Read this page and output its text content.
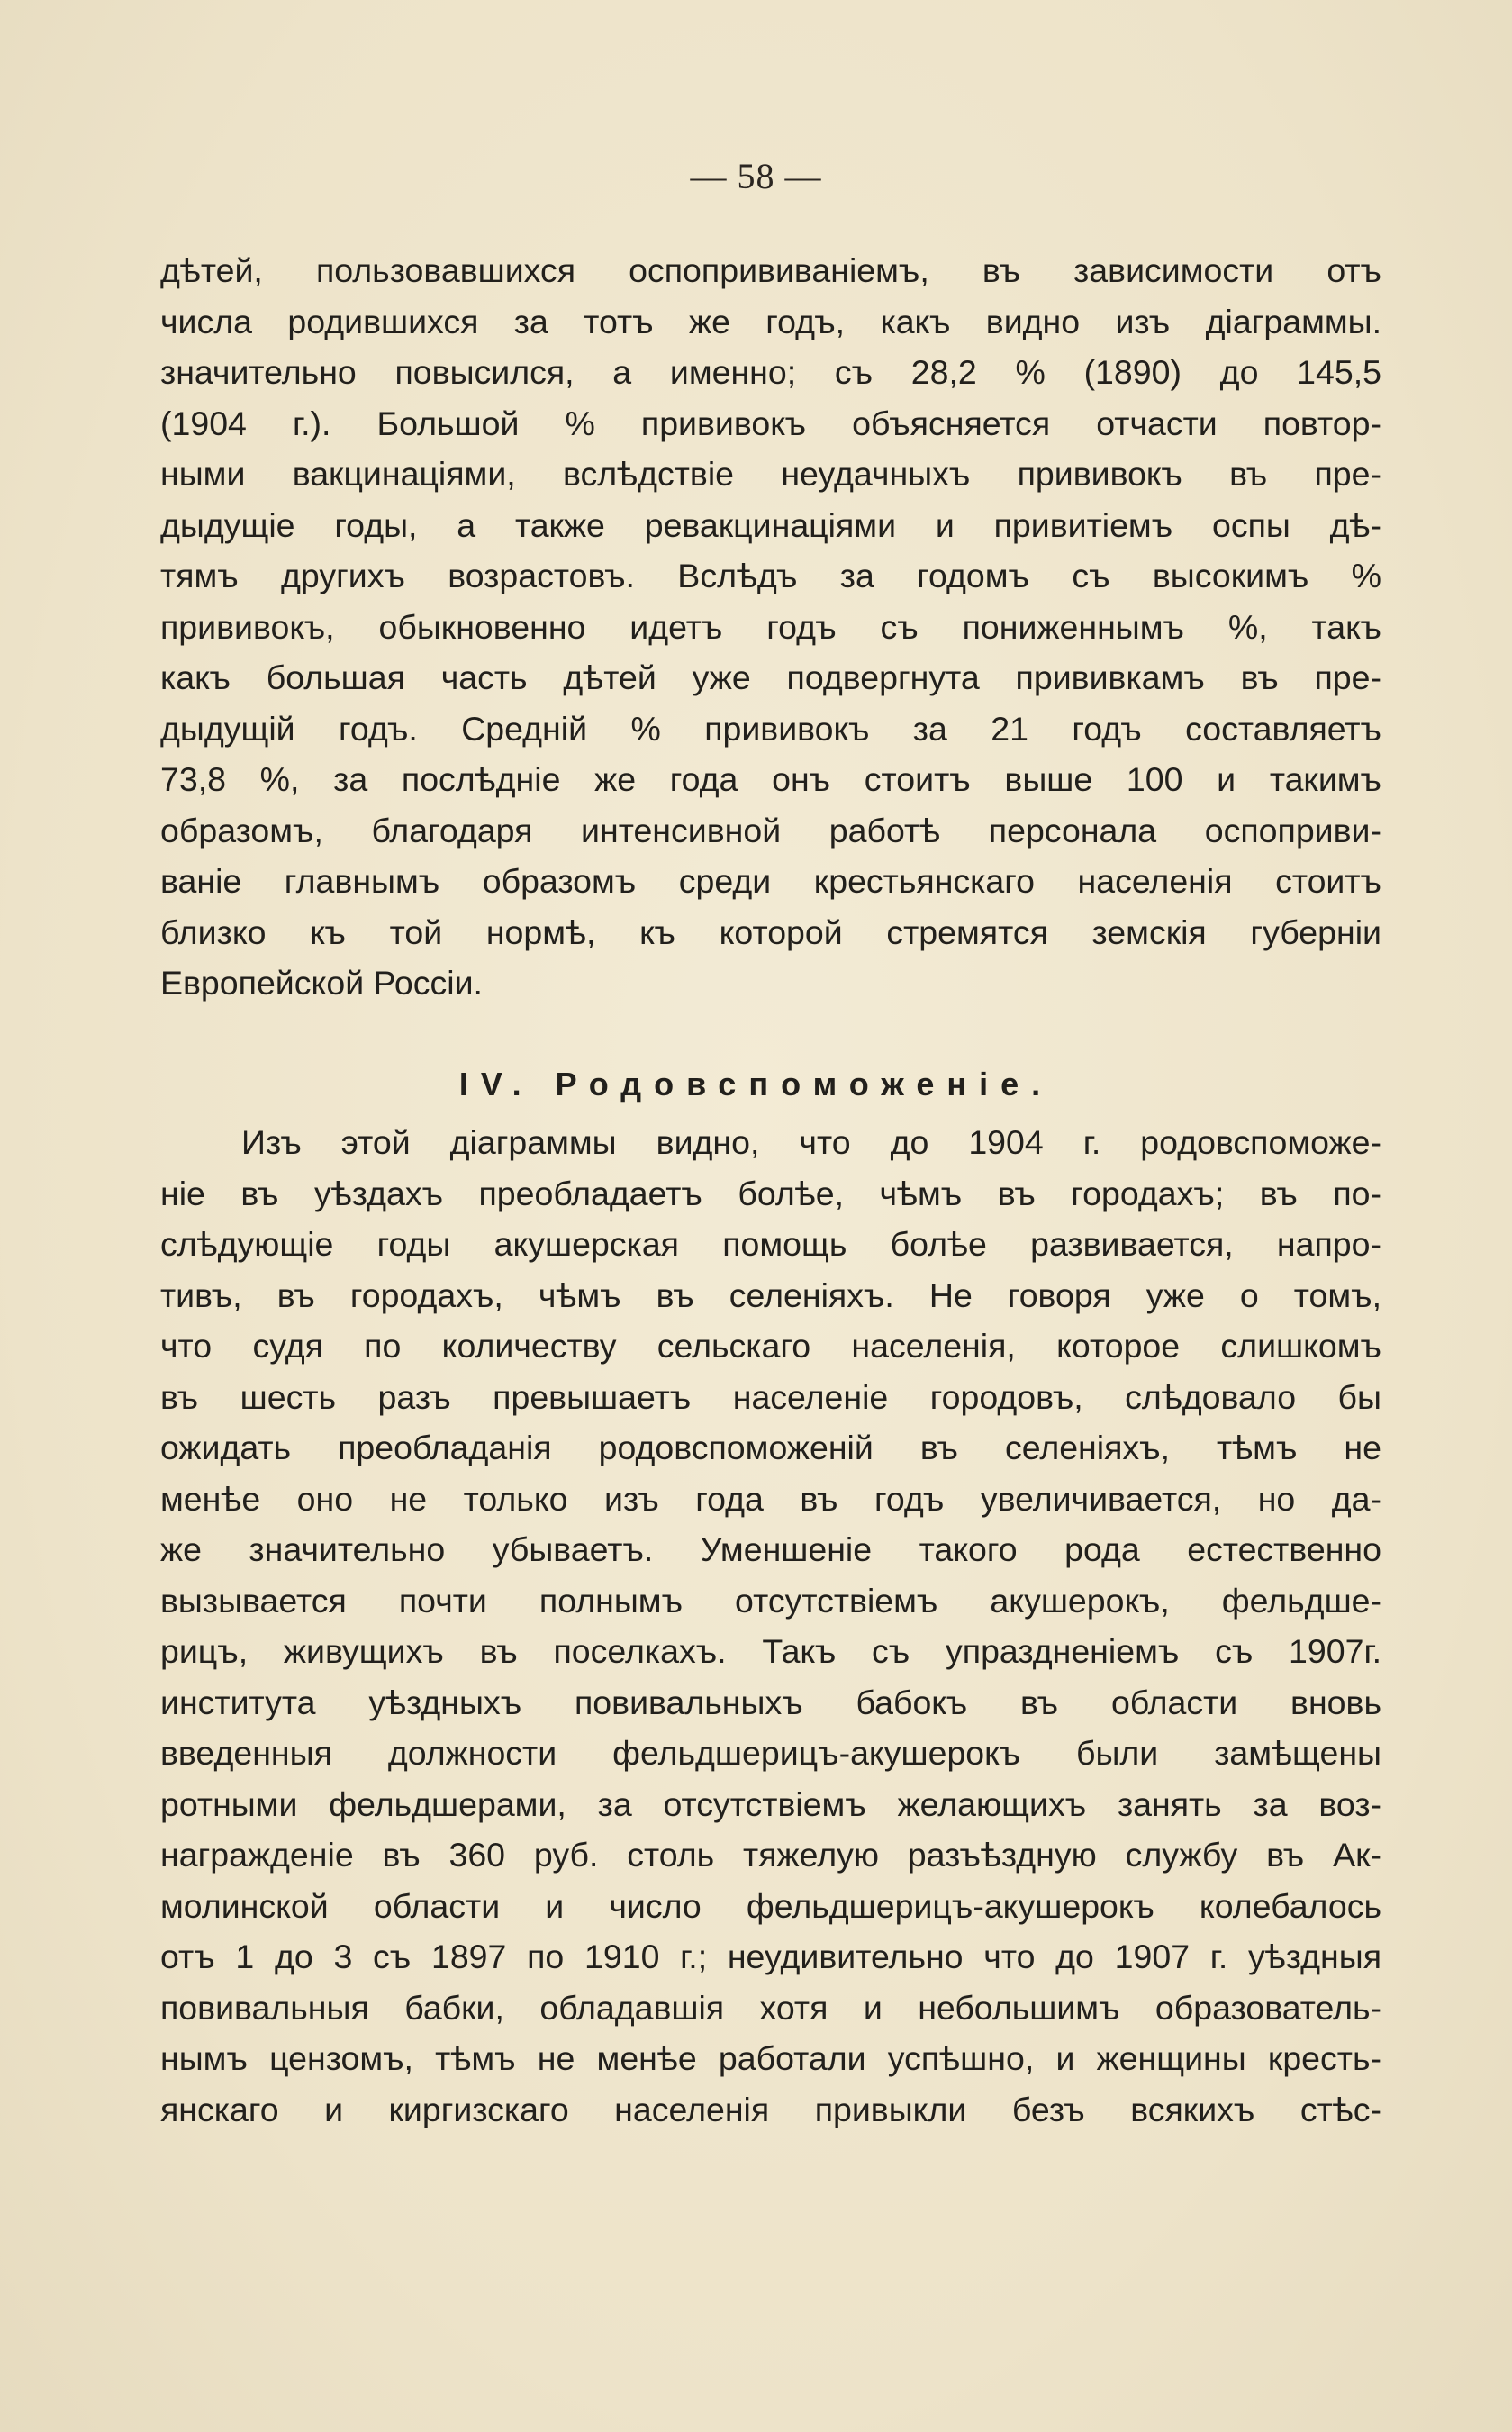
— 58 —
дѣтей, пользовавшихся оспопрививаніемъ, въ зависимости отъ
числа родившихся за тотъ же годъ, какъ видно изъ діаграммы.
значительно повысился, а именно; съ 28,2 % (1890) до 145,5
(1904 г.). Большой % прививокъ объясняется отчасти повтор-
ными вакцинаціями, вслѣдствіе неудачныхъ прививокъ въ пре-
дыдущіе годы, а также ревакцинаціями и привитіемъ оспы дѣ-
тямъ другихъ возрастовъ. Вслѣдъ за годомъ съ высокимъ %
прививокъ, обыкновенно идетъ годъ съ пониженнымъ %, такъ
какъ большая часть дѣтей уже подвергнута прививкамъ въ пре-
дыдущій годъ. Средній % прививокъ за 21 годъ составляетъ
73,8 %, за послѣдніе же года онъ стоитъ выше 100 и такимъ
образомъ, благодаря интенсивной работѣ персонала оспоприви-
ваніе главнымъ образомъ среди крестьянскаго населенія стоитъ
близко къ той нормѣ, къ которой стремятся земскія губерніи
Европейской Россіи.
IV. Родовспоможеніе.
Изъ этой діаграммы видно, что до 1904 г. родовспоможе-
ніе въ уѣздахъ преобладаетъ болѣе, чѣмъ въ городахъ; въ по-
слѣдующіе годы акушерская помощь болѣе развивается, напро-
тивъ, въ городахъ, чѣмъ въ селеніяхъ. Не говоря уже о томъ,
что судя по количеству сельскаго населенія, которое слишкомъ
въ шесть разъ превышаетъ населеніе городовъ, слѣдовало бы
ожидать преобладанія родовспоможеній въ селеніяхъ, тѣмъ не
менѣе оно не только изъ года въ годъ увеличивается, но да-
же значительно убываетъ. Уменшеніе такого рода естественно
вызывается почти полнымъ отсутствіемъ акушерокъ, фельдше-
рицъ, живущихъ въ поселкахъ. Такъ съ упраздненіемъ съ 1907г.
института уѣздныхъ повивальныхъ бабокъ въ области вновь
введенныя должности фельдшерицъ-акушерокъ были замѣщены
ротными фельдшерами, за отсутствіемъ желающихъ занять за воз-
награжденіе въ 360 руб. столь тяжелую разъѣздную службу въ Ак-
молинской области и число фельдшерицъ-акушерокъ колебалось
отъ 1 до 3 съ 1897 по 1910 г.; неудивительно что до 1907 г. уѣздныя
повивальныя бабки, обладавшія хотя и небольшимъ образователь-
нымъ цензомъ, тѣмъ не менѣе работали успѣшно, и женщины кресть-
янскаго и киргизскаго населенія привыкли безъ всякихъ стѣс-
